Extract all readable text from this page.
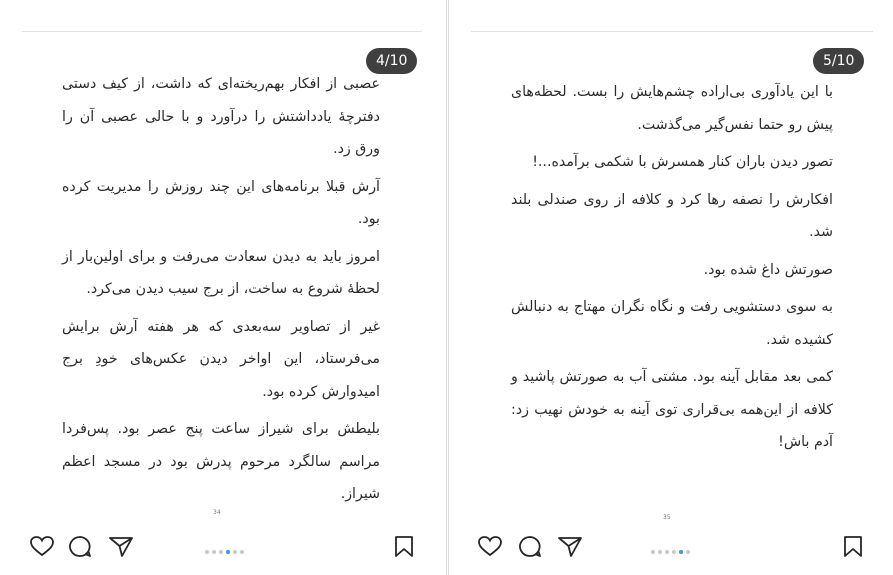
4/10

عصبی از افکار بهم‌ریخته‌ای که داشت، از کیف دستی دفترچهٔ یادداشتش را درآورد و با حالی عصبی آن را ورق زد.

آرش قبلا برنامه‌های این چند روزش را مدیریت کرده بود.

امروز باید به دیدن سعادت می‌رفت و برای اولین‌بار از لحظهٔ شروع به ساخت، از برج سیب دیدن می‌کرد.

غیر از تصاویر سه‌بعدی که هر هفته آرش برایش می‌فرستاد، این اواخر دیدن عکس‌های خودِ برج امیدوارش کرده بود.

بلیطش برای شیراز ساعت پنج عصر بود. پس‌فردا مراسم سالگرد مرحوم پدرش بود در مسجد اعظم شیراز.

34
5/10

با این یادآوری بی‌اراده چشم‌هایش را بست. لحظه‌های پیش رو حتما نفس‌گیر می‌گذشت.

تصور دیدن باران کنار همسرش با شکمی برآمده...!

افکارش را نصفه رها کرد و کلافه از روی صندلی بلند شد.

صورتش داغ شده بود.

به سوی دستشویی رفت و نگاه نگران مهتاج به دنبالش کشیده شد.

کمی بعد مقابل آینه بود. مشتی آب به صورتش پاشید و کلافه از این‌همه بی‌قراری توی آینه به خودش نهیب زد: آدم باش!

35
